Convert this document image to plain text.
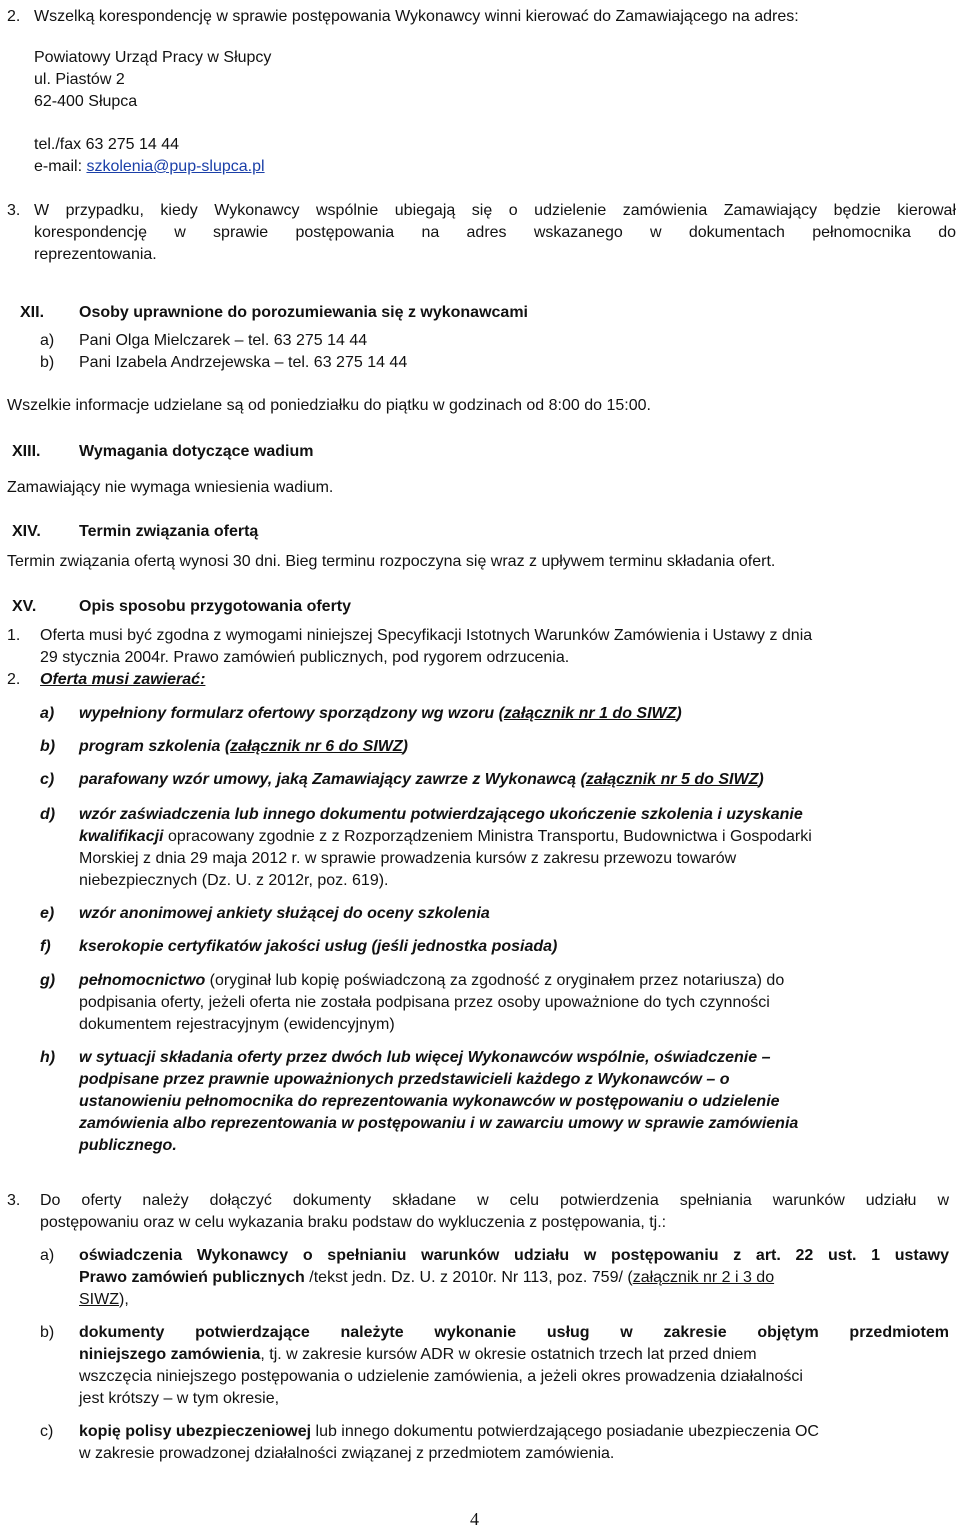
2. Wszelką korespondencję w sprawie postępowania Wykonawcy winni kierować do Zamawiającego na adres:
Powiatowy Urząd Pracy w Słupcy
ul. Piastów 2
62-400 Słupca
tel./fax 63 275 14 44
e-mail: szkolenia@pup-slupca.pl
3. W przypadku, kiedy Wykonawcy wspólnie ubiegają się o udzielenie zamówienia Zamawiający będzie kierował
korespondencję w sprawie postępowania na adres wskazanego w dokumentach pełnomocnika do
reprezentowania.
XII. Osoby uprawnione do porozumiewania się z wykonawcami
a) Pani Olga Mielczarek – tel. 63 275 14 44
b) Pani Izabela Andrzejewska – tel. 63 275 14 44
Wszelkie informacje udzielane są od poniedziałku do piątku w godzinach od 8:00 do 15:00.
XIII. Wymagania dotyczące wadium
Zamawiający nie wymaga wniesienia wadium.
XIV. Termin związania ofertą
Termin związania ofertą wynosi 30 dni. Bieg terminu rozpoczyna się wraz z upływem terminu składania ofert.
XV.	Opis sposobu przygotowania oferty
1. Oferta musi być zgodna z wymogami niniejszej Specyfikacji Istotnych Warunków Zamówienia i Ustawy z dnia
29 stycznia 2004r. Prawo zamówień publicznych, pod rygorem odrzucenia.
2. Oferta musi zawierać:
a) wypełniony formularz ofertowy sporządzony wg wzoru (załącznik nr 1 do SIWZ)
b) program szkolenia (załącznik nr 6 do SIWZ)
c) parafowany wzór umowy, jaką Zamawiający zawrze z Wykonawcą (załącznik nr 5 do SIWZ)
d) wzór zaświadczenia lub innego dokumentu potwierdzającego ukończenie szkolenia i uzyskanie
kwalifikacji opracowany zgodnie z z Rozporządzeniem Ministra Transportu, Budownictwa i Gospodarki
Morskiej z dnia 29 maja 2012 r. w sprawie prowadzenia kursów z zakresu przewozu towarów
niebezpiecznych (Dz. U. z 2012r, poz. 619).
e) wzór anonimowej ankiety służącej do oceny szkolenia
f) kserokopie certyfikatów jakości usług (jeśli jednostka posiada)
g) pełnomocnictwo (oryginał lub kopię poświadczoną za zgodność z oryginałem przez notariusza) do
podpisania oferty, jeżeli oferta nie została podpisana przez osoby upoważnione do tych czynności
dokumentem rejestracyjnym (ewidencyjnym)
h) w sytuacji składania oferty przez dwóch lub więcej Wykonawców wspólnie, oświadczenie –
podpisane przez prawnie upoważnionych przedstawicieli każdego z Wykonawców – o
ustanowieniu pełnomocnika do reprezentowania wykonawców w postępowaniu o udzielenie
zamówienia albo reprezentowania w postępowaniu i w zawarciu umowy w sprawie zamówienia
publicznego.
3. Do oferty należy dołączyć dokumenty składane w celu potwierdzenia spełniania warunków udziału w
postępowaniu oraz w celu wykazania braku podstaw do wykluczenia z postępowania, tj.:
a) oświadczenia Wykonawcy o spełnianiu warunków udziału w postępowaniu z art. 22 ust. 1 ustawy
Prawo zamówień publicznych /tekst jedn. Dz. U. z 2010r. Nr 113, poz. 759/ (załącznik nr 2 i 3 do
SIWZ),
b) dokumenty potwierdzające należyte wykonanie usług w zakresie objętym przedmiotem
niniejszego zamówienia, tj. w zakresie kursów ADR w okresie ostatnich trzech lat przed dniem
wszczęcia niniejszego postępowania o udzielenie zamówienia, a jeżeli okres prowadzenia działalności
jest krótszy – w tym okresie,
c) kopię polisy ubezpieczeniowej lub innego dokumentu potwierdzającego posiadanie ubezpieczenia OC
w zakresie prowadzonej działalności związanej z przedmiotem zamówienia.
4
